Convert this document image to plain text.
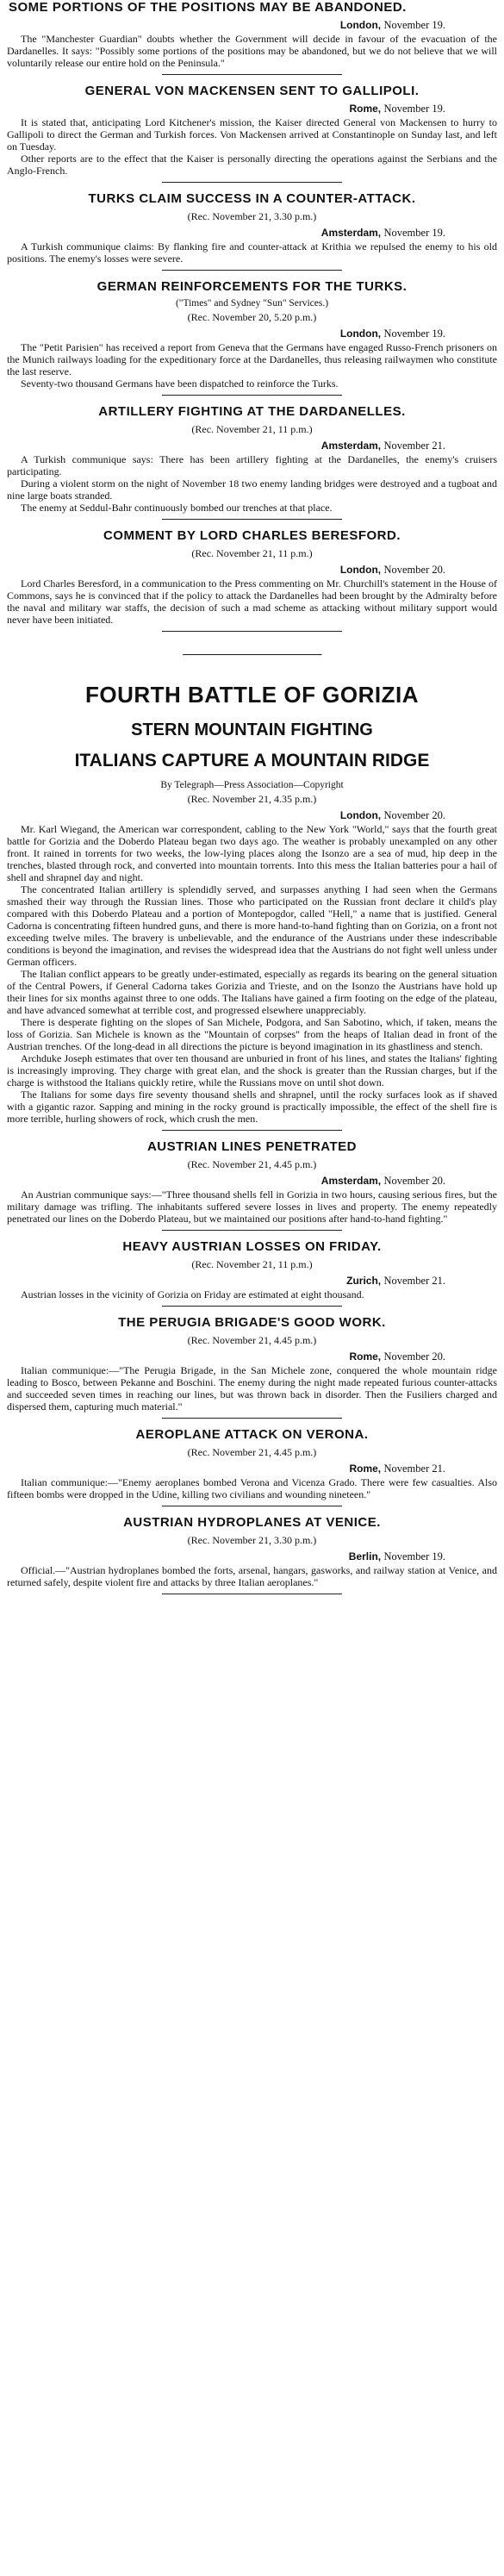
SOME PORTIONS OF THE POSITIONS MAY BE ABANDONED.
London, November 19.

The "Manchester Guardian" doubts whether the Government will decide in favour of the evacuation of the Dardanelles. It says: "Possibly some portions of the positions may be abandoned, but we do not believe that we will voluntarily release our entire hold on the Peninsula."

GENERAL VON MACKENSEN SENT TO GALLIPOLI.
Rome, November 19.

It is stated that, anticipating Lord Kitchener's mission, the Kaiser directed General von Mackensen to hurry to Gallipoli to direct the German and Turkish forces. Von Mackensen arrived at Constantinople on Sunday last, and left on Tuesday.

Other reports are to the effect that the Kaiser is personally directing the operations against the Serbians and the Anglo-French.

TURKS CLAIM SUCCESS IN A COUNTER-ATTACK.
(Rec. November 21, 3.30 p.m.)
Amsterdam, November 19.

A Turkish communique claims: By flanking fire and counter-attack at Krithia we repulsed the enemy to his old positions. The enemy's losses were severe.

GERMAN REINFORCEMENTS FOR THE TURKS.
("Times" and Sydney "Sun" Services.)
(Rec. November 20, 5.20 p.m.)
London, November 19.

The "Petit Parisien" has received a report from Geneva that the Germans have engaged Russo-French prisoners on the Munich railways loading for the expeditionary force at the Dardanelles, thus releasing railwaymen who constitute the last reserve.

Seventy-two thousand Germans have been dispatched to reinforce the Turks.

ARTILLERY FIGHTING AT THE DARDANELLES.
(Rec. November 21, 11 p.m.)
Amsterdam, November 21.

A Turkish communique says: There has been artillery fighting at the Dardanelles, the enemy's cruisers participating.

During a violent storm on the night of November 18 two enemy landing bridges were destroyed and a tugboat and nine large boats stranded.

The enemy at Seddul-Bahr continuously bombed our trenches at that place.

COMMENT BY LORD CHARLES BERESFORD.
(Rec. November 21, 11 p.m.)
London, November 20.

Lord Charles Beresford, in a communication to the Press commenting on Mr. Churchill's statement in the House of Commons, says he is convinced that if the policy to attack the Dardanelles had been brought by the Admiralty before the naval and military war staffs, the decision of such a mad scheme as attacking without military support would never have been initiated.

FOURTH BATTLE OF GORIZIA
STERN MOUNTAIN FIGHTING
ITALIANS CAPTURE A MOUNTAIN RIDGE
By Telegraph—Press Association—Copyright
(Rec. November 21, 4.35 p.m.)
London, November 20.

Mr. Karl Wiegand, the American war correspondent, cabling to the New York "World," says that the fourth great battle for Gorizia and the Doberdo Plateau began two days ago. The weather is probably unexampled on any other front. It rained in torrents for two weeks, the low-lying places along the Isonzo are a sea of mud, hip deep in the trenches, blasted through rock, and converted into mountain torrents. Into this mess the Italian batteries pour a hail of shell and shrapnel day and night.

The concentrated Italian artillery is splendidly served, and surpasses anything I had seen when the Germans smashed their way through the Russian lines. Those who participated on the Russian front declare it child's play compared with this Doberdo Plateau and a portion of Montepogdor, called "Hell," a name that is justified. General Cadorna is concentrating fifteen hundred guns, and there is more hand-to-hand fighting than on Gorizia, on a front not exceeding twelve miles. The bravery is unbelievable, and the endurance of the Austrians under these indescribable conditions is beyond the imagination, and revises the widespread idea that the Austrians do not fight well unless under German officers.

The Italian conflict appears to be greatly under-estimated, especially as regards its bearing on the general situation of the Central Powers, if General Cadorna takes Gorizia and Trieste, and on the Isonzo the Austrians have hold up their lines for six months against three to one odds. The Italians have gained a firm footing on the edge of the plateau, and have advanced somewhat at terrible cost, and progressed elsewhere unappreciably.

There is desperate fighting on the slopes of San Michele, Podgora, and San Sabotino, which, if taken, means the loss of Gorizia. San Michele is known as the "Mountain of corpses" from the heaps of Italian dead in front of the Austrian trenches. Of the long-dead in all directions the picture is beyond imagination in its ghastliness and stench.

Archduke Joseph estimates that over ten thousand are unburied in front of his lines, and states the Italians' fighting is increasingly improving. They charge with great elan, and the shock is greater than the Russian charges, but if the charge is withstood the Italians quickly retire, while the Russians move on until shot down.

The Italians for some days fire seventy thousand shells and shrapnel, until the rocky surfaces look as if shaved with a gigantic razor. Sapping and mining in the rocky ground is practically impossible, the effect of the shell fire is more terrible, hurling showers of rock, which crush the men.

AUSTRIAN LINES PENETRATED
(Rec. November 21, 4.45 p.m.)
Amsterdam, November 20.

An Austrian communique says:—"Three thousand shells fell in Gorizia in two hours, causing serious fires, but the military damage was trifling. The inhabitants suffered severe losses in lives and property. The enemy repeatedly penetrated our lines on the Doberdo Plateau, but we maintained our positions after hand-to-hand fighting."

HEAVY AUSTRIAN LOSSES ON FRIDAY.
(Rec. November 21, 11 p.m.)
Zurich, November 21.

Austrian losses in the vicinity of Gorizia on Friday are estimated at eight thousand.

THE PERUGIA BRIGADE'S GOOD WORK.
(Rec. November 21, 4.45 p.m.)
Rome, November 20.

Italian communique:—"The Perugia Brigade, in the San Michele zone, conquered the whole mountain ridge leading to Bosco, between Pekanne and Boschini. The enemy during the night made repeated furious counter-attacks and succeeded seven times in reaching our lines, but was thrown back in disorder. Then the Fusiliers charged and dispersed them, capturing much material."

AEROPLANE ATTACK ON VERONA.
(Rec. November 21, 4.45 p.m.)
Rome, November 21.

Italian communique:—"Enemy aeroplanes bombed Verona and Vicenza Grado. There were few casualties. Also fifteen bombs were dropped in the Udine, killing two civilians and wounding nineteen."

AUSTRIAN HYDROPLANES AT VENICE.
(Rec. November 21, 3.30 p.m.)
Berlin, November 19.

Official.—"Austrian hydroplanes bombed the forts, arsenal, hangars, gasworks, and railway station at Venice, and returned safely, despite violent fire and attacks by three Italian aeroplanes."
